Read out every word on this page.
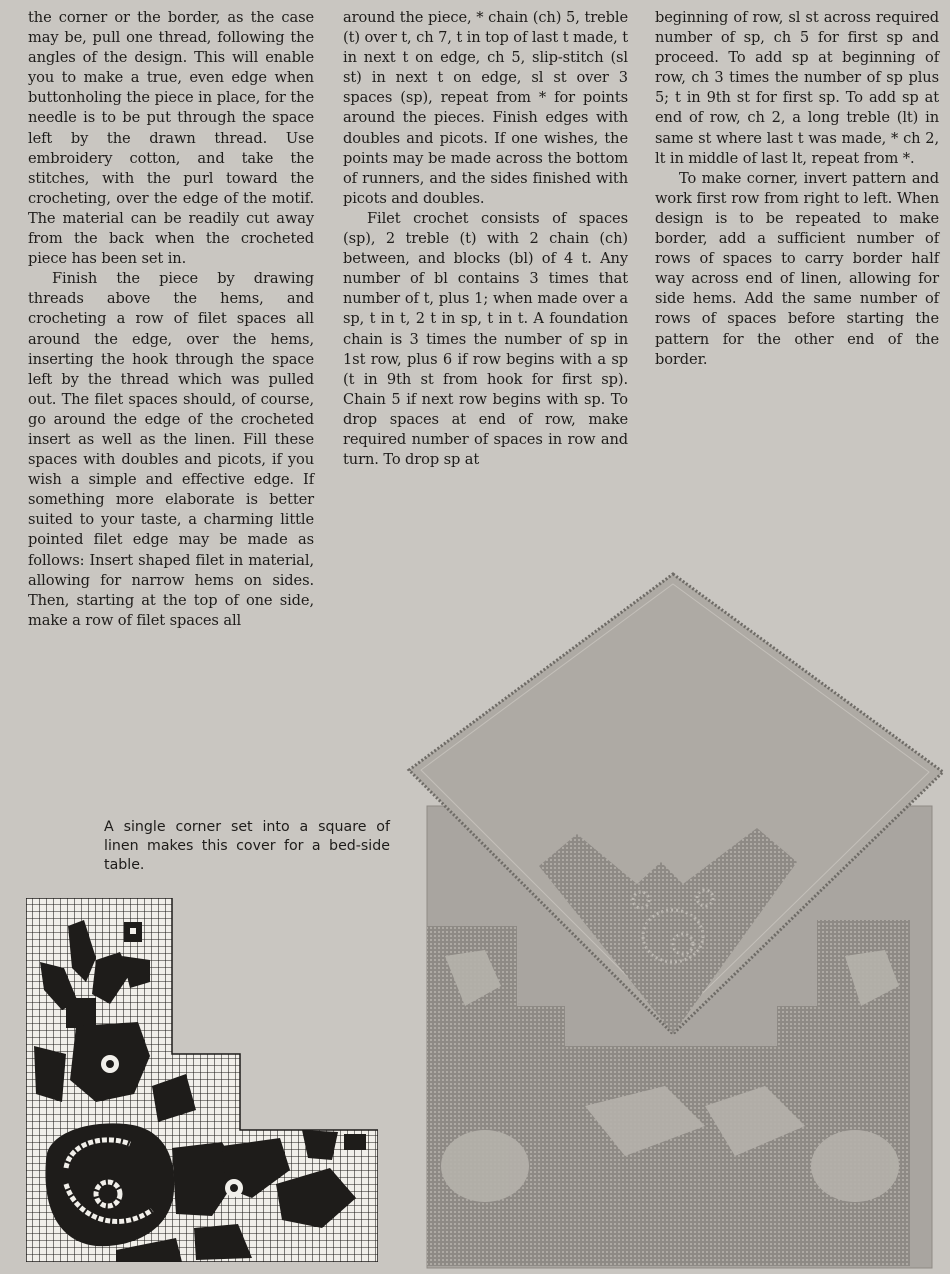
the corner or the border, as the case may be, pull one thread, following the angles of the design. This will enable you to make a true, even edge when buttonholing the piece in place, for the needle is to be put through the space left by the drawn thread. Use embroidery cotton, and take the stitches, with the purl toward the crocheting, over the edge of the motif. The material can be readily cut away from the back when the crocheted piece has been set in.

Finish the piece by drawing threads above the hems, and crocheting a row of filet spaces all around the edge, over the hems, inserting the hook through the space left by the thread which was pulled out. The filet spaces should, of course, go around the edge of the crocheted insert as well as the linen. Fill these spaces with doubles and picots, if you wish a simple and effective edge. If something more elaborate is better suited to your taste, a charming little pointed filet edge may be made as follows: Insert shaped filet in material, allowing for narrow hems on sides. Then, starting at the top of one side, make a row of filet spaces all

around the piece, * chain (ch) 5, treble (t) over t, ch 7, t in top of last t made, t in next t on edge, ch 5, slip-stitch (sl st) in next t on edge, sl st over 3 spaces (sp), repeat from * for points around the pieces. Finish edges with doubles and picots. If one wishes, the points may be made across the bottom of runners, and the sides finished with picots and doubles.

Filet crochet consists of spaces (sp), 2 treble (t) with 2 chain (ch) between, and blocks (bl) of 4 t. Any number of bl contains 3 times that number of t, plus 1; when made over a sp, t in t, 2 t in sp, t in t. A foundation chain is 3 times the number of sp in 1st row, plus 6 if row begins with a sp (t in 9th st from hook for first sp). Chain 5 if next row begins with sp. To drop spaces at end of row, make required number of spaces in row and turn. To drop sp at

beginning of row, sl st across required number of sp, ch 5 for first sp and proceed. To add sp at beginning of row, ch 3 times the number of sp plus 5; t in 9th st for first sp. To add sp at end of row, ch 2, a long treble (lt) in same st where last t was made, * ch 2, lt in middle of last lt, repeat from *.

To make corner, invert pattern and work first row from right to left. When design is to be repeated to make border, add a sufficient number of rows of spaces to carry border half way across end of linen, allowing for side hems. Add the same number of rows of spaces before starting the pattern for the other end of the border.

A single corner set into a square of linen makes this cover for a bed-side table.
